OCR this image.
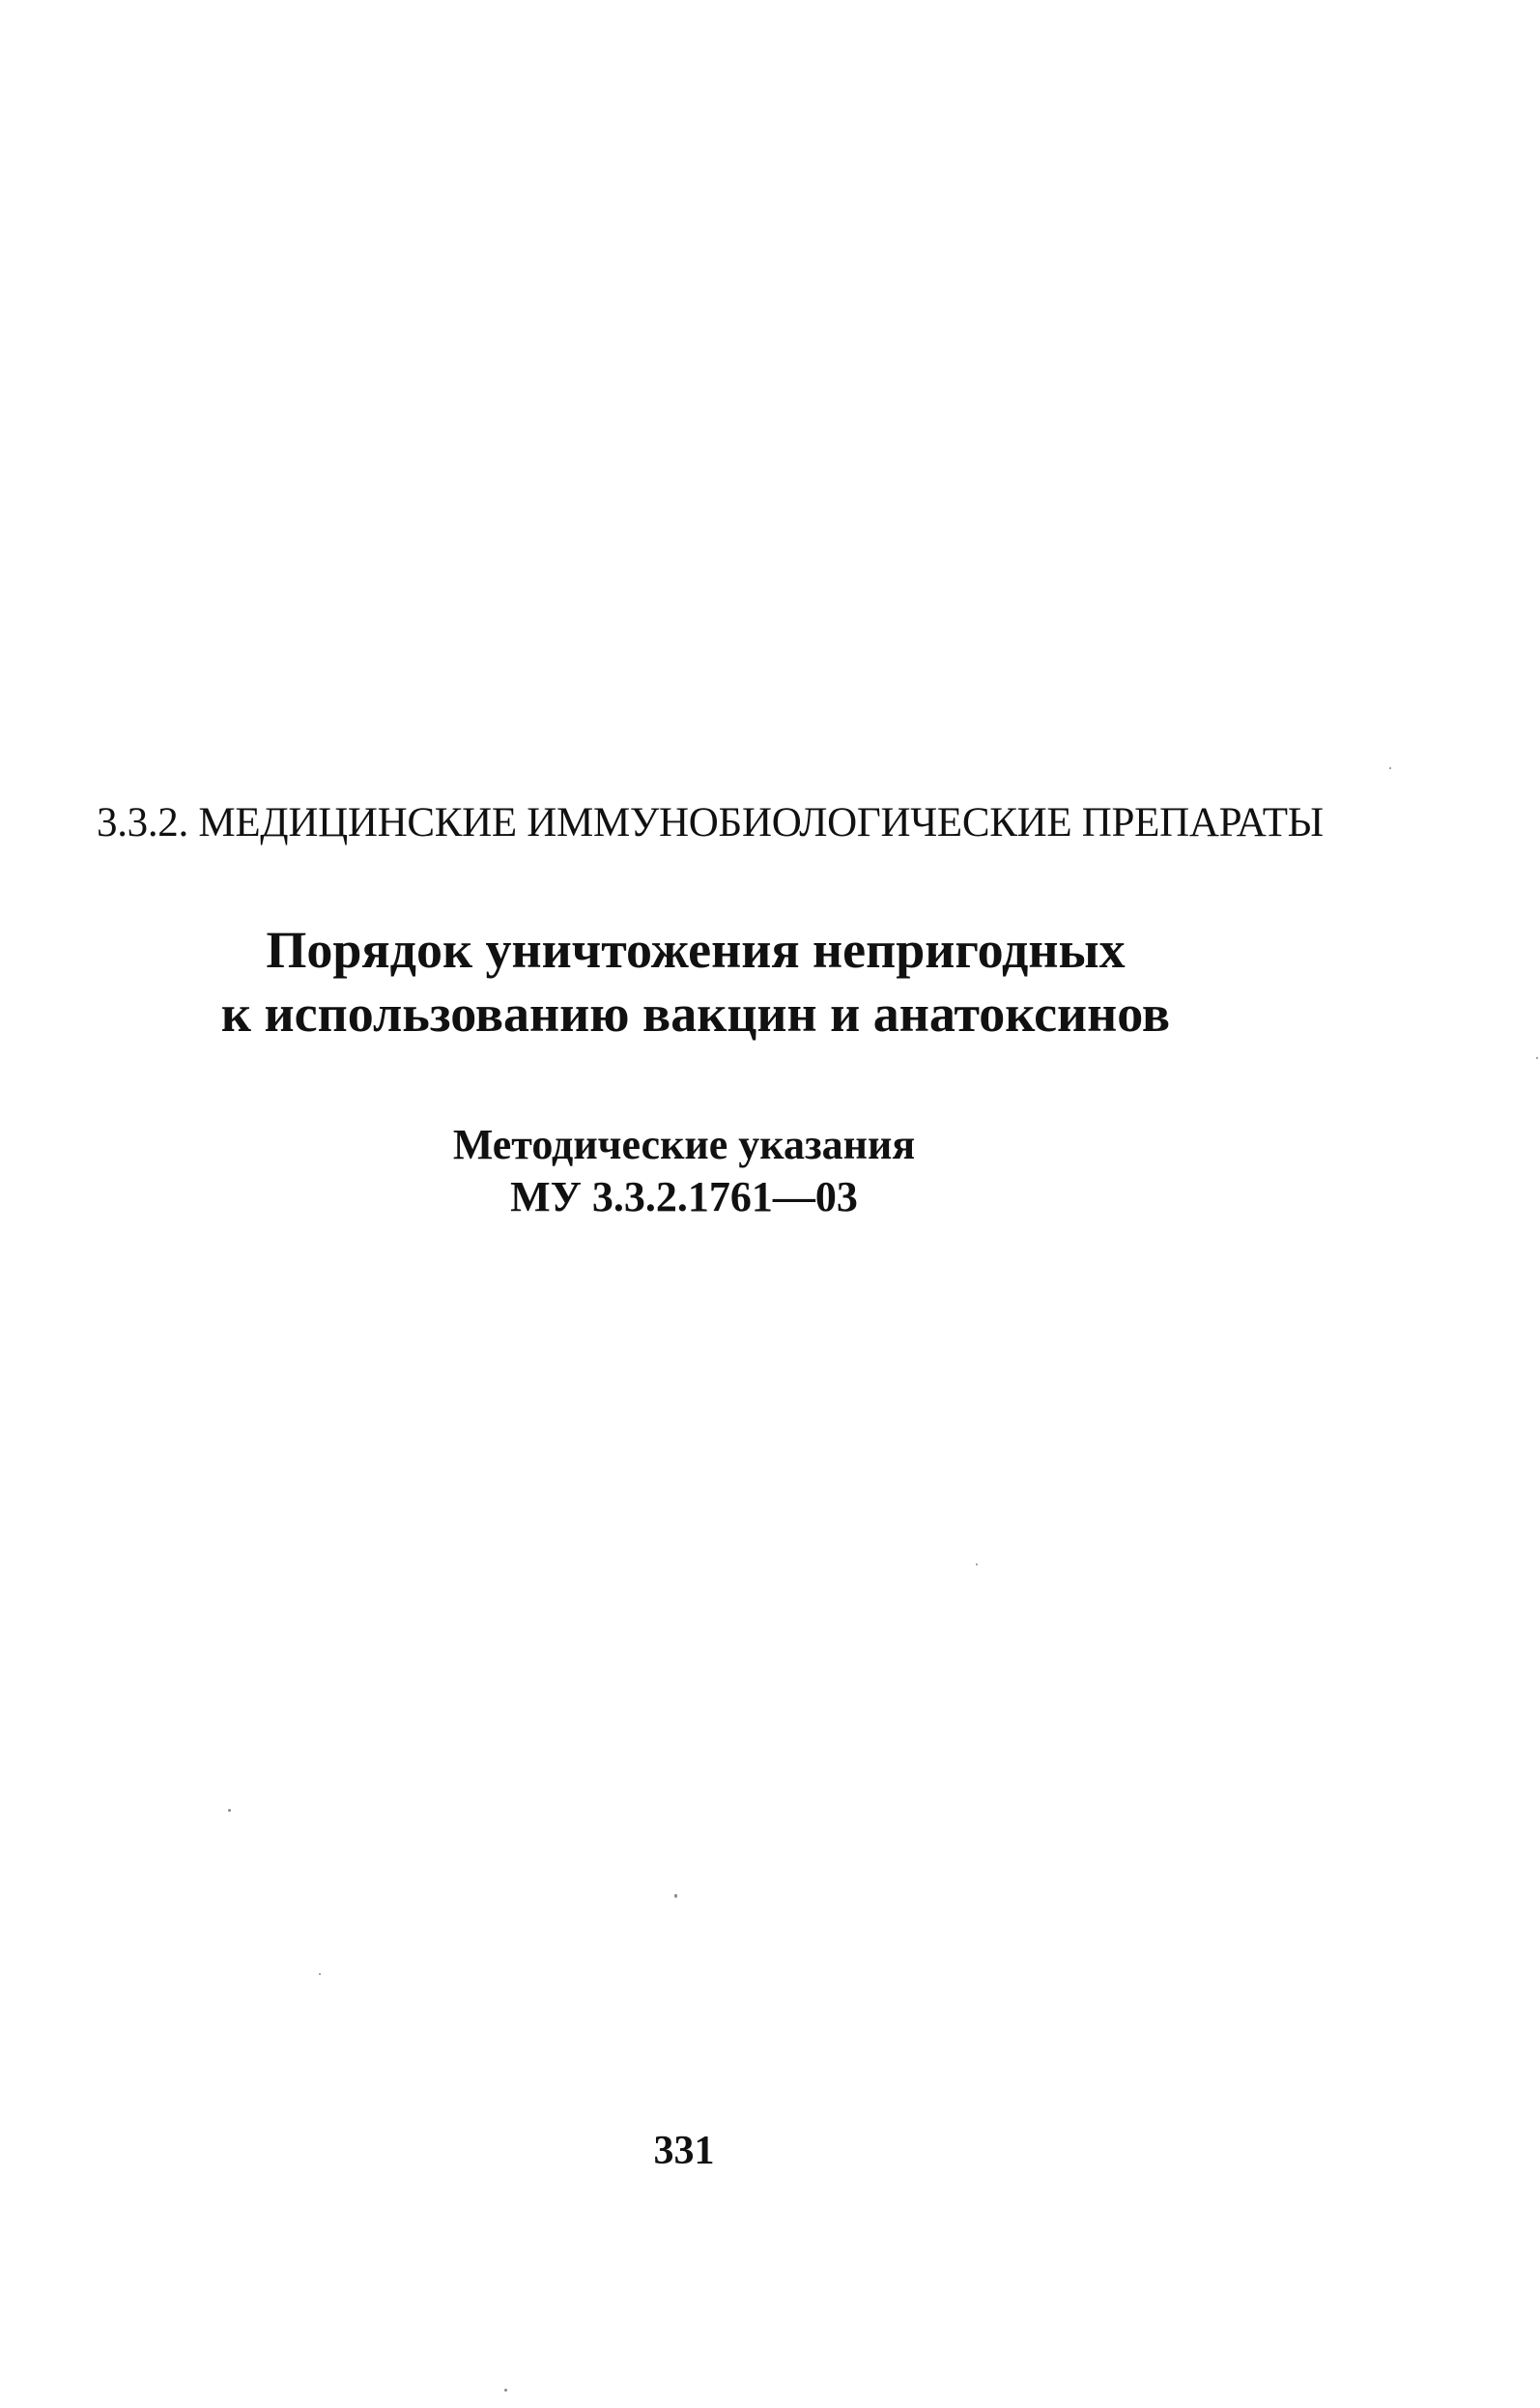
3.3.2. МЕДИЦИНСКИЕ ИММУНОБИОЛОГИЧЕСКИЕ ПРЕПАРАТЫ
Порядок уничтожения непригодных
к использованию вакцин и анатоксинов
Методические указания
МУ 3.3.2.1761—03
331
